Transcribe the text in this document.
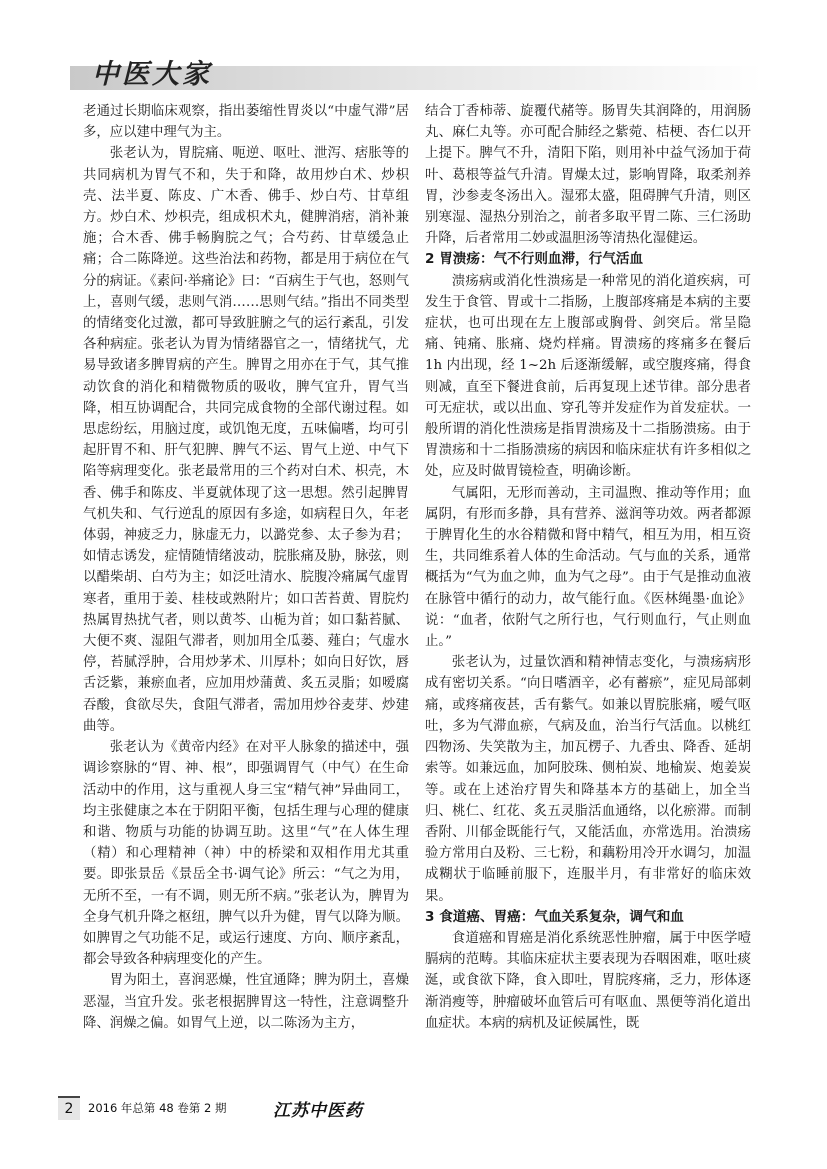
中医大家

老通过长期临床观察，指出萎缩性胃炎以“中虚气滞”居多，应以建中理气为主。

张老认为，胃脘痛、呃逆、呕吐、泄泻、痞胀等的共同病机为胃气不和，失于和降，故用炒白术、炒枳壳、法半夏、陈皮、广木香、佛手、炒白芍、甘草组方。炒白术、炒枳壳，组成枳术丸，健脾消痞，消补兼施；合木香、佛手畅胸脘之气；合芍药、甘草缓急止痛；合二陈降逆。这些治法和药物，都是用于病位在气分的病证。《素问·举痛论》曰：“百病生于气也，怒则气上，喜则气缓，悲则气消……思则气结。”指出不同类型的情绪变化过激，都可导致脏腑之气的运行紊乱，引发各种病症。张老认为胃为情绪器官之一，情绪扰气，尤易导致诸多脾胃病的产生。脾胃之用亦在于气，其气推动饮食的消化和精微物质的吸收，脾气宜升，胃气当降，相互协调配合，共同完成食物的全部代谢过程。如思虑纷纭，用脑过度，或饥饱无度，五味偏嗜，均可引起肝胃不和、肝气犯脾、脾气不运、胃气上逆、中气下陷等病理变化。张老最常用的三个药对白术、枳壳，木香、佛手和陈皮、半夏就体现了这一思想。然引起脾胃气机失和、气行逆乱的原因有多途，如病程日久，年老体弱，神疲乏力，脉虚无力，以潞党参、太子参为君；如情志诱发，症情随情绪波动，脘胀痛及胁，脉弦，则以醋柴胡、白芍为主；如泛吐清水、脘腹冷痛属气虚胃寒者，重用于姜、桂枝或熟附片；如口苦苔黄、胃脘灼热属胃热扰气者，则以黄芩、山栀为首；如口黏苔腻、大便不爽、湿阻气滞者，则加用全瓜蒌、薤白；气虚水停，苔腻浮肿，合用炒茅术、川厚朴；如向日好饮，唇舌泛紫，兼瘀血者，应加用炒蒲黄、炙五灵脂；如嗳腐吞酸，食欲尽失，食阻气滞者，需加用炒谷麦芽、炒建曲等。

张老认为《黄帝内经》在对平人脉象的描述中，强调诊察脉的“胃、神、根”，即强调胃气（中气）在生命活动中的作用，这与重视人身三宝“精气神”异曲同工，均主张健康之本在于阴阳平衡，包括生理与心理的健康和谐、物质与功能的协调互助。这里“气”在人体生理（精）和心理精神（神）中的桥梁和双相作用尤其重要。即张景岳《景岳全书·调气论》所云：“气之为用，无所不至，一有不调，则无所不病。”张老认为，脾胃为全身气机升降之枢纽，脾气以升为健，胃气以降为顺。如脾胃之气功能不足，或运行速度、方向、顺序紊乱，都会导致各种病理变化的产生。

胃为阳土，喜润恶燥，性宜通降；脾为阴土，喜燥恶湿，当宜升发。张老根据脾胃这一特性，注意调整升降、润燥之偏。如胃气上逆，以二陈汤为主方，

结合丁香柿蒂、旋覆代赭等。肠胃失其润降的，用润肠丸、麻仁丸等。亦可配合肺经之紫菀、桔梗、杏仁以开上提下。脾气不升，清阳下陷，则用补中益气汤加于荷叶、葛根等益气升清。胃燥太过，影响胃降，取柔剂养胃，沙参麦冬汤出入。湿邪太盛，阻碍脾气升清，则区别寒湿、湿热分别治之，前者多取平胃二陈、三仁汤助升降，后者常用二妙或温胆汤等清热化湿健运。

2 胃溃疡：气不行则血滞，行气活血

溃疡病或消化性溃疡是一种常见的消化道疾病，可发生于食管、胃或十二指肠，上腹部疼痛是本病的主要症状，也可出现在左上腹部或胸骨、剑突后。常呈隐痛、钝痛、胀痛、烧灼样痛。胃溃疡的疼痛多在餐后 1h 内出现，经 1~2h 后逐渐缓解，或空腹疼痛，得食则减，直至下餐进食前，后再复现上述节律。部分患者可无症状，或以出血、穿孔等并发症作为首发症状。一般所谓的消化性溃疡是指胃溃疡及十二指肠溃疡。由于胃溃疡和十二指肠溃疡的病因和临床症状有许多相似之处，应及时做胃镜检查，明确诊断。

气属阳，无形而善动，主司温煦、推动等作用；血属阴，有形而多静，具有营养、滋润等功效。两者都源于脾胃化生的水谷精微和肾中精气，相互为用，相互资生，共同维系着人体的生命活动。气与血的关系，通常概括为“气为血之帅，血为气之母”。由于气是推动血液在脉管中循行的动力，故气能行血。《医林绳墨·血论》说：“血者，依附气之所行也，气行则血行，气止则血止。”

张老认为，过量饮酒和精神情志变化，与溃疡病形成有密切关系。“向日嗜酒辛，必有蓄瘀”，症见局部刺痛，或疼痛夜甚，舌有紫气。如兼以胃脘胀痛，嗳气呕吐，多为气滞血瘀，气病及血，治当行气活血。以桃红四物汤、失笑散为主，加瓦楞子、九香虫、降香、延胡索等。如兼远血，加阿胶珠、侧柏炭、地榆炭、炮姜炭等。或在上述治疗胃失和降基本方的基础上，加全当归、桃仁、红花、炙五灵脂活血通络，以化瘀滞。而制香附、川郁金既能行气，又能活血，亦常选用。治溃疡验方常用白及粉、三七粉，和藕粉用冷开水调匀，加温成糊状于临睡前服下，连服半月，有非常好的临床效果。

3 食道癌、胃癌：气血关系复杂，调气和血

食道癌和胃癌是消化系统恶性肿瘤，属于中医学噎膈病的范畴。其临床症状主要表现为吞咽困难，呕吐痰涎，或食欲下降，食入即吐，胃脘疼痛，乏力，形体逐渐消瘦等，肿瘤破坏血管后可有呕血、黑便等消化道出血症状。本病的病机及证候属性，既

2	2016 年总第 48 卷第 2 期	江苏中医药
